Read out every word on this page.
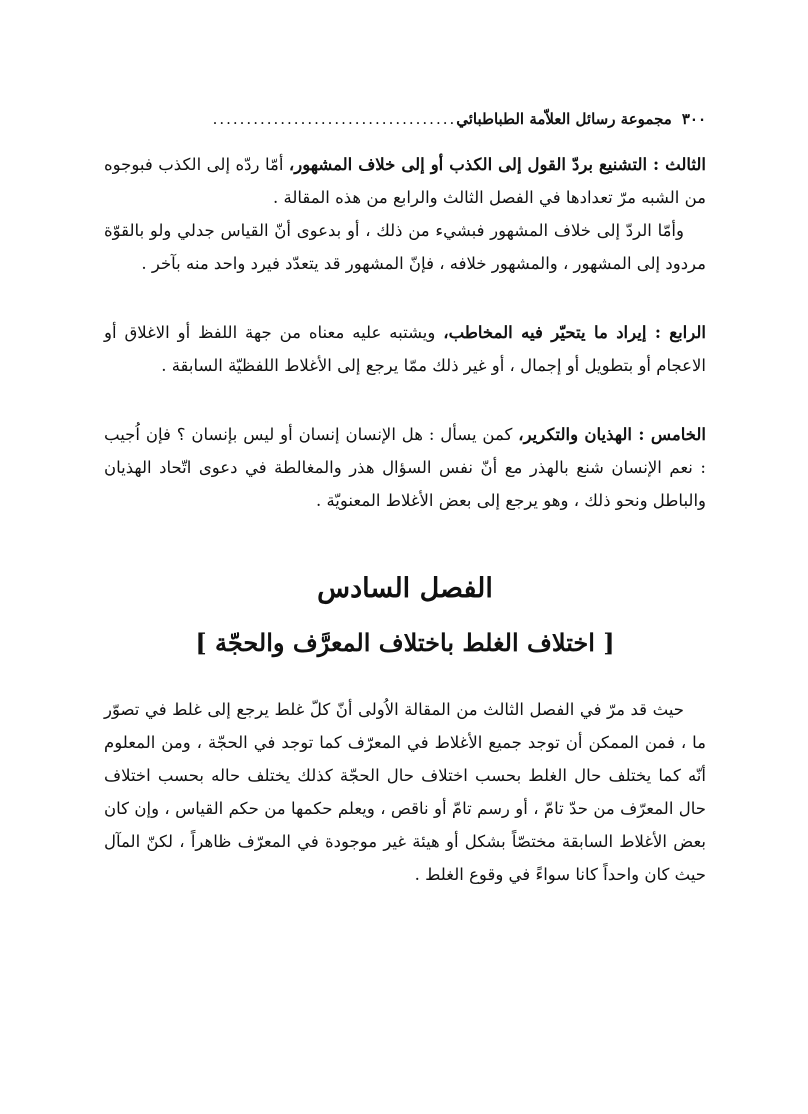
٣٠٠
مجموعة رسائل العلاّمة الطباطبائي
....................................

الثالث : التشنيع بردّ القول إلى الكذب أو إلى خلاف المشهور، أمّا ردّه إلى الكذب فبوجوه من الشبه مرّ تعدادها في الفصل الثالث والرابع من هذه المقالة .

وأمّا الردّ إلى خلاف المشهور فبشيء من ذلك ، أو بدعوى أنّ القياس جدلي ولو بالقوّة مردود إلى المشهور ، والمشهور خلافه ، فإنّ المشهور قد يتعدّد فيرد واحد منه بآخر .

الرابع : إيراد ما يتحيّر فيه المخاطب، ويشتبه عليه معناه من جهة اللفظ أو الاغلاق أو الاعجام أو بتطويل أو إجمال ، أو غير ذلك ممّا يرجع إلى الأغلاط اللفظيّة السابقة .

الخامس : الهذيان والتكرير، كمن يسأل : هل الإنسان إنسان أو ليس بإنسان ؟ فإن اُجيب : نعم الإنسان شنع بالهذر مع أنّ نفس السؤال هذر والمغالطة في دعوى اتّحاد الهذيان والباطل ونحو ذلك ، وهو يرجع إلى بعض الأغلاط المعنويّة .

الفصل السادس
[ اختلاف الغلط باختلاف المعرَّف والحجّة ]

حيث قد مرّ في الفصل الثالث من المقالة الاُولى أنّ كلّ غلط يرجع إلى غلط في تصوّر ما ، فمن الممكن أن توجد جميع الأغلاط في المعرّف كما توجد في الحجّة ، ومن المعلوم أنّه كما يختلف حال الغلط بحسب اختلاف حال الحجّة كذلك يختلف حاله بحسب اختلاف حال المعرّف من حدّ تامّ ، أو رسم تامّ أو ناقص ، ويعلم حكمها من حكم القياس ، وإن كان بعض الأغلاط السابقة مختصّاً بشكل أو هيئة غير موجودة في المعرّف ظاهراً ، لكنّ المآل حيث كان واحداً كانا سواءً في وقوع الغلط .
